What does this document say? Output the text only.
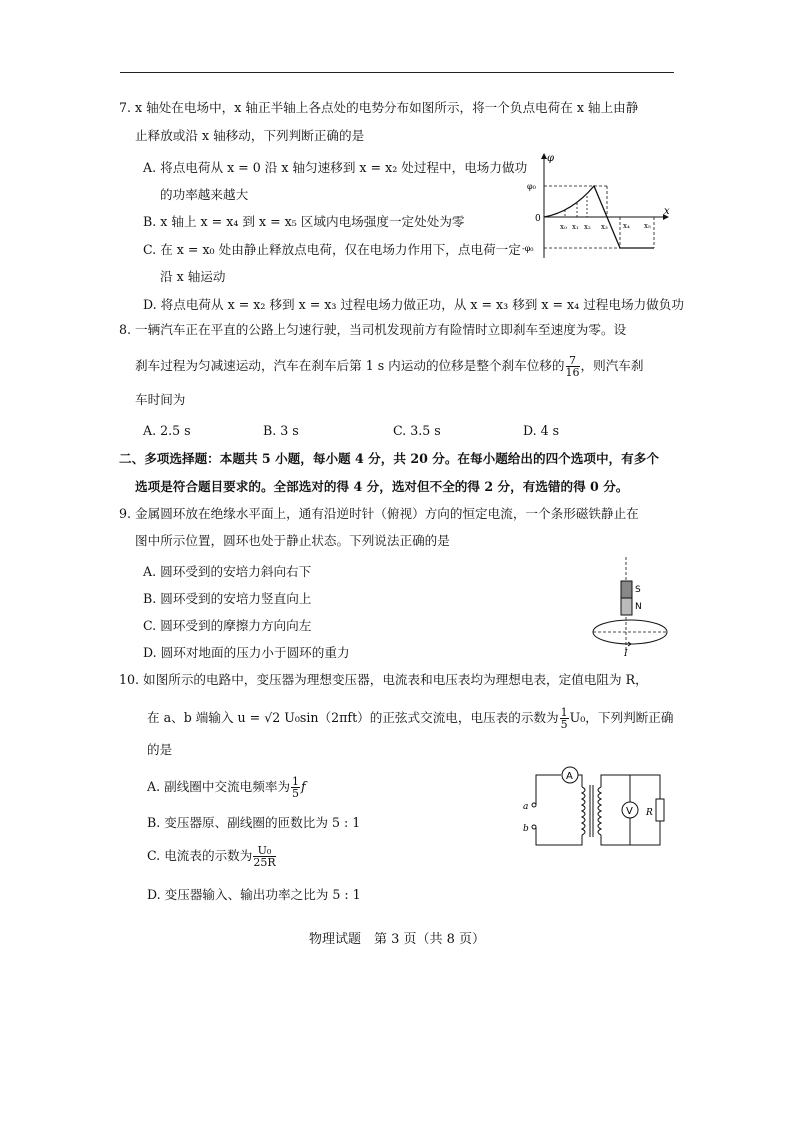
7. x 轴处在电场中，x 轴正半轴上各点处的电势分布如图所示，将一个负点电荷在 x 轴上由静
止释放或沿 x 轴移动，下列判断正确的是
A. 将点电荷从 x = 0 沿 x 轴匀速移到 x = x₂ 处过程中，电场力做功
的功率越来越大
B. x 轴上 x = x₄ 到 x = x₅ 区域内电场强度一定处处为零
C. 在 x = x₀ 处由静止释放点电荷，仅在电场力作用下，点电荷一定
沿 x 轴运动
D. 将点电荷从 x = x₂ 移到 x = x₃ 过程电场力做正功，从 x = x₃ 移到 x = x₄ 过程电场力做负功
φ
x
0
φ₀
-φ₀
x₀ x₁ x₂ x₃ x₄ x₅
8. 一辆汽车正在平直的公路上匀速行驶，当司机发现前方有险情时立即刹车至速度为零。设
刹车过程为匀减速运动，汽车在刹车后第 1 s 内运动的位移是整个刹车位移的 $\frac{7}{16}$ ，则汽车刹
车时间为
A. 2.5 s	B. 3 s	C. 3.5 s	D. 4 s
二、多项选择题：本题共 5 小题，每小题 4 分，共 20 分。在每小题给出的四个选项中，有多个
选项是符合题目要求的。全部选对的得 4 分，选对但不全的得 2 分，有选错的得 0 分。
9. 金属圆环放在绝缘水平面上，通有沿逆时针（俯视）方向的恒定电流，一个条形磁铁静止在
图中所示位置，圆环也处于静止状态。下列说法正确的是
A. 圆环受到的安培力斜向右下
B. 圆环受到的安培力竖直向上
C. 圆环受到的摩擦力方向向左
D. 圆环对地面的压力小于圆环的重力
S
N
I
10. 如图所示的电路中，变压器为理想变压器，电流表和电压表均为理想电表，定值电阻为 R，
在 a、b 端输入 u = √2 U₀sin（2πft）的正弦式交流电，电压表的示数为 $\frac{1}{5} U_0$，下列判断正确
的是
A. 副线圈中交流电频率为 $\frac{1}{5}$ f
B. 变压器原、副线圈的匝数比为 5 : 1
C. 电流表的示数为 $\frac{\text{U₀}}{25R}$
D. 变压器输入、输出功率之比为 5 : 1
a
b
A
V R
物理试题　第 3 页（共 8 页）
